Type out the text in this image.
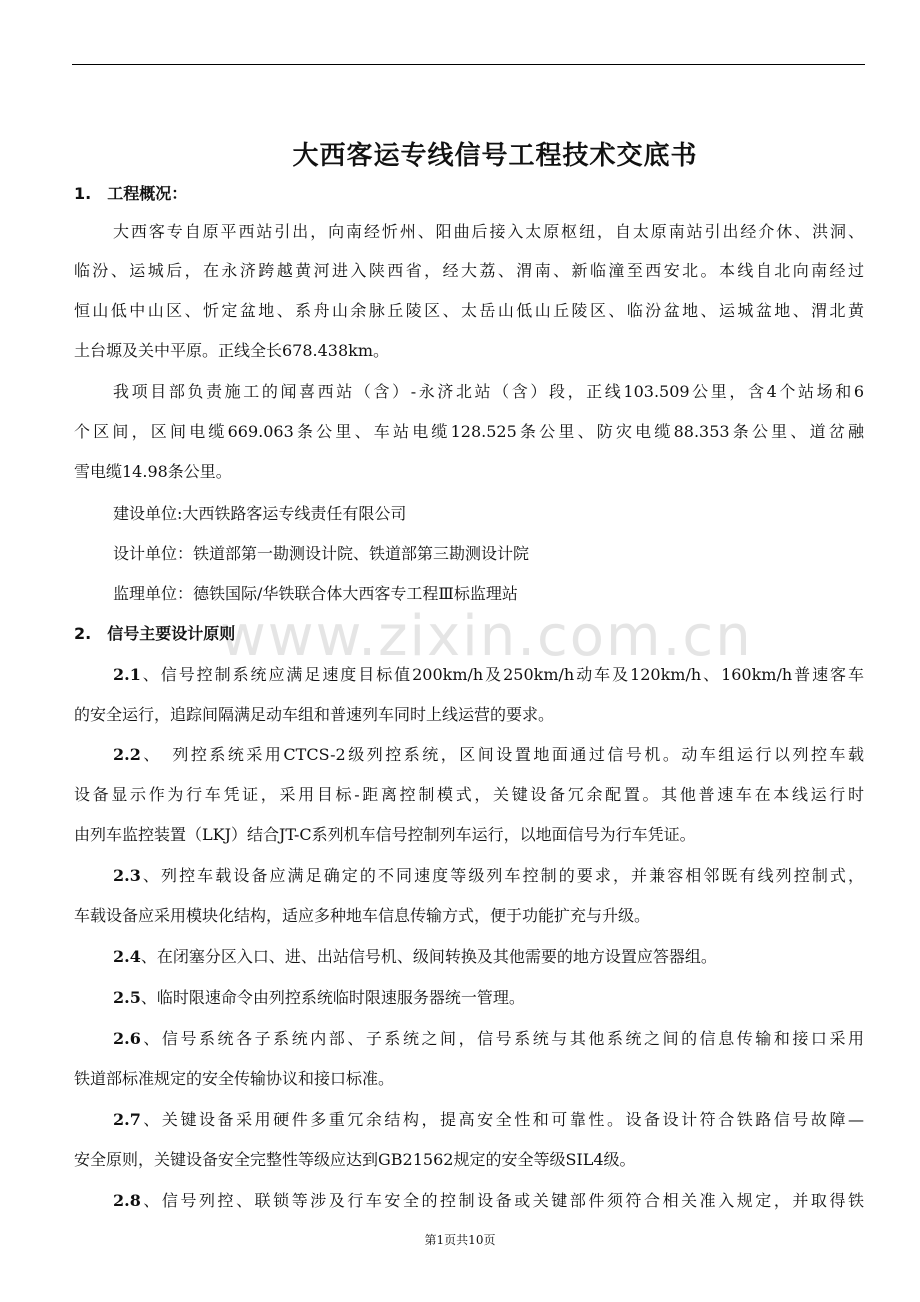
www.zixin.com.cn
大西客运专线信号工程技术交底书
1.　工程概况：
大西客专自原平西站引出，向南经忻州、阳曲后接入太原枢纽，自太原南站引出经介休、洪洞、
临汾、运城后，在永济跨越黄河进入陕西省，经大荔、渭南、新临潼至西安北。本线自北向南经过
恒山低中山区、忻定盆地、系舟山余脉丘陵区、太岳山低山丘陵区、临汾盆地、运城盆地、渭北黄
土台塬及关中平原。正线全长678.438km。
我项目部负责施工的闻喜西站（含）-永济北站（含）段，正线103.509公里，含4个站场和6
个区间，区间电缆669.063条公里、车站电缆128.525条公里、防灾电缆88.353条公里、道岔融
雪电缆14.98条公里。
建设单位:大西铁路客运专线责任有限公司
设计单位：铁道部第一勘测设计院、铁道部第三勘测设计院
监理单位：德铁国际/华铁联合体大西客专工程Ⅲ标监理站
2.　信号主要设计原则
2.1、信号控制系统应满足速度目标值200km/h及250km/h动车及120km/h、160km/h普速客车
的安全运行，追踪间隔满足动车组和普速列车同时上线运营的要求。
2.2、　列控系统采用CTCS-2级列控系统，区间设置地面通过信号机。动车组运行以列控车载
设备显示作为行车凭证，采用目标-距离控制模式，关键设备冗余配置。其他普速车在本线运行时
由列车监控装置（LKJ）结合JT-C系列机车信号控制列车运行，以地面信号为行车凭证。
2.3、列控车载设备应满足确定的不同速度等级列车控制的要求，并兼容相邻既有线列控制式，
车载设备应采用模块化结构，适应多种地车信息传输方式，便于功能扩充与升级。
2.4、在闭塞分区入口、进、出站信号机、级间转换及其他需要的地方设置应答器组。
2.5、临时限速命令由列控系统临时限速服务器统一管理。
2.6、信号系统各子系统内部、子系统之间，信号系统与其他系统之间的信息传输和接口采用
铁道部标准规定的安全传输协议和接口标准。
2.7、关键设备采用硬件多重冗余结构，提高安全性和可靠性。设备设计符合铁路信号故障—
安全原则，关键设备安全完整性等级应达到GB21562规定的安全等级SIL4级。
2.8、信号列控、联锁等涉及行车安全的控制设备或关键部件须符合相关准入规定，并取得铁
第1页共10页
